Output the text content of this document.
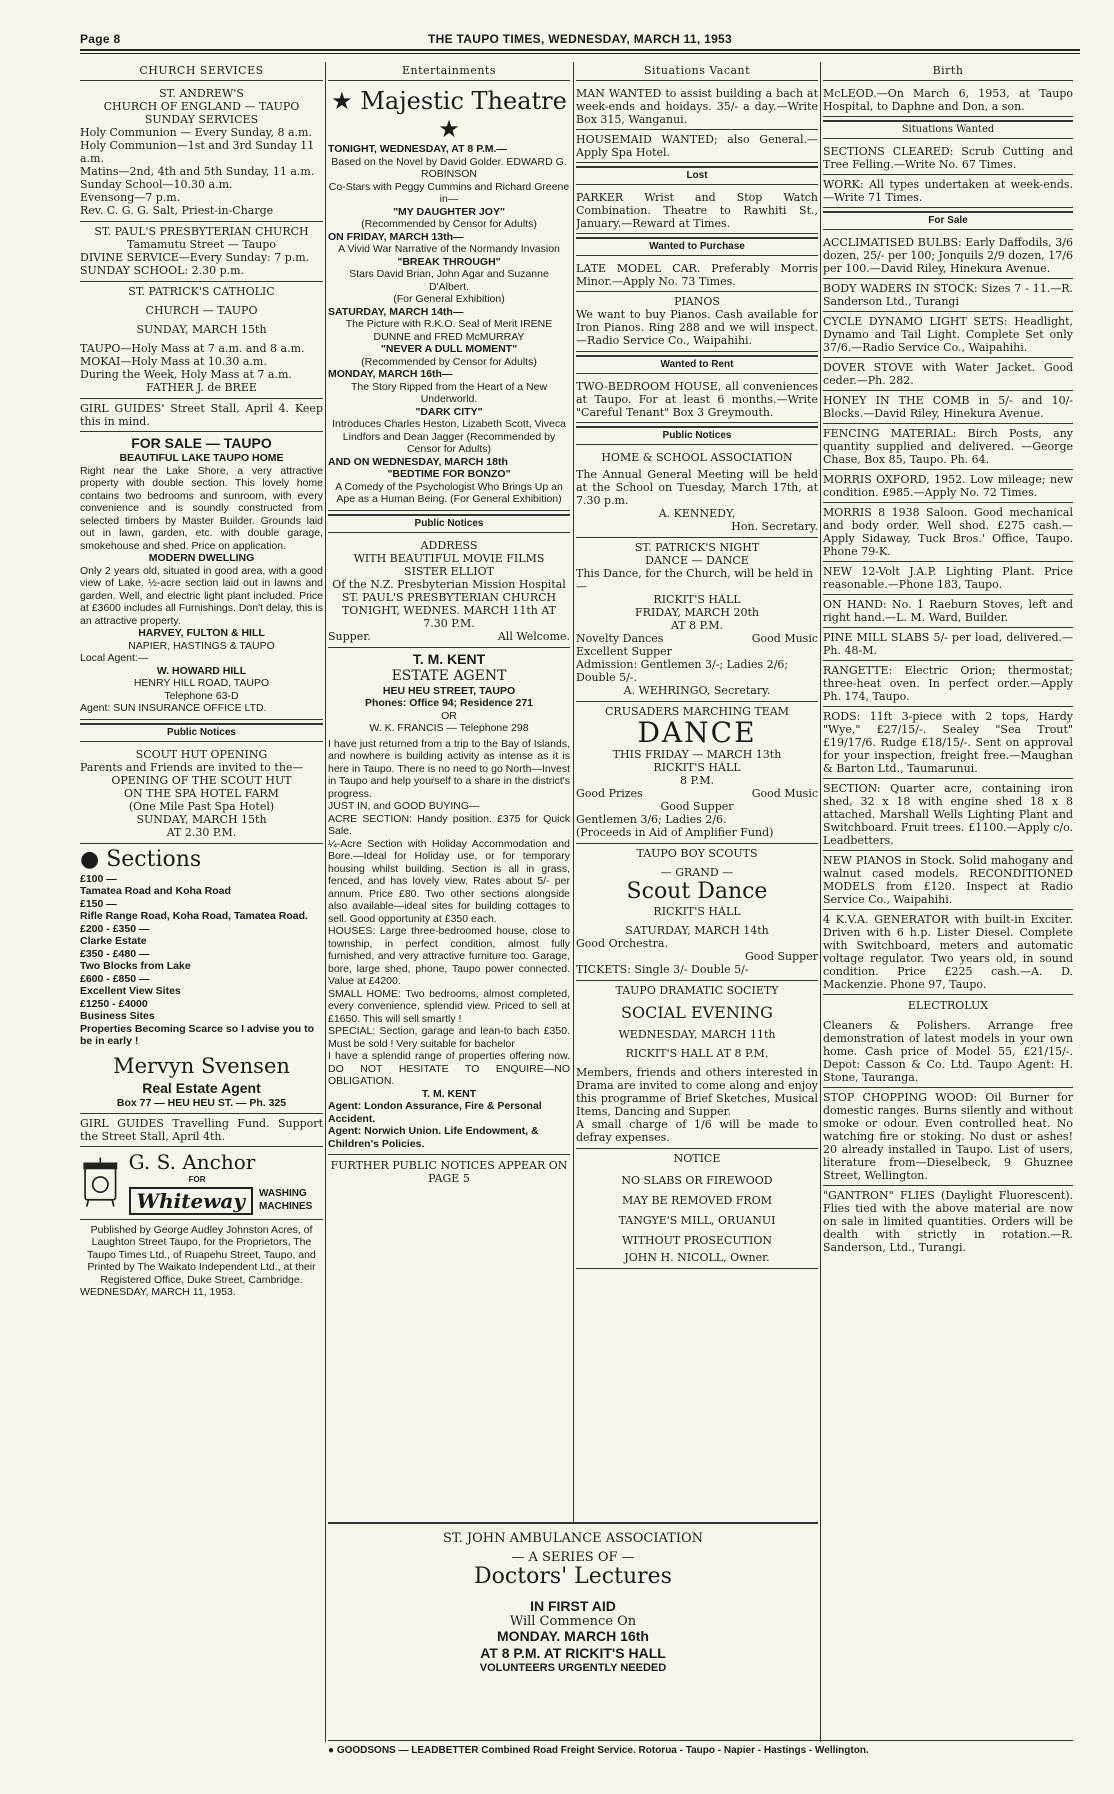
Page 8	THE TAUPO TIMES, WEDNESDAY, MARCH 11, 1953
CHURCH SERVICES
ST. ANDREW'S
CHURCH OF ENGLAND — TAUPO
SUNDAY SERVICES
Holy Communion — Every Sunday, 8 a.m.
Holy Communion—1st and 3rd Sunday 11 a.m.
Matins—2nd, 4th and 5th Sunday, 11 a.m.
Sunday School—10.30 a.m.
Evensong—7 p.m.
Rev. C. G. G. Salt, Priest-in-Charge
ST. PAUL'S PRESBYTERIAN CHURCH
Tamamutu Street — Taupo
DIVINE SERVICE—Every Sunday: 7 p.m.
SUNDAY SCHOOL: 2.30 p.m.
ST. PATRICK'S CATHOLIC
CHURCH — TAUPO
SUNDAY, MARCH 15th
TAUPO—Holy Mass at 7 a.m. and 8 a.m.
MOKAI—Holy Mass at 10.30 a.m.
During the Week, Holy Mass at 7 a.m.
FATHER J. de BREE
GIRL GUIDES' Street Stall, April 4. Keep this in mind.
FOR SALE — TAUPO
BEAUTIFUL LAKE TAUPO HOME
Right near the Lake Shore, a very attractive property with double section. This lovely home contains two bedrooms and sunroom, with every convenience and is soundly constructed from selected timbers by Master Builder. Grounds laid out in lawn, garden, etc. with double garage, smokehouse and shed. Price on application.
MODERN DWELLING
Only 2 years old, situated in good area, with a good view of Lake. ½-acre section laid out in lawns and garden. Well, and electric light plant included. Price at £3600 includes all Furnishings. Don't delay, this is an attractive property.
HARVEY, FULTON & HILL
NAPIER, HASTINGS & TAUPO
Local Agent:—
W. HOWARD HILL
HENRY HILL ROAD, TAUPO
Telephone 63-D
Agent: SUN INSURANCE OFFICE LTD.
Public Notices
SCOUT HUT OPENING
Parents and Friends are invited to the—
OPENING OF THE SCOUT HUT
ON THE SPA HOTEL FARM
(One Mile Past Spa Hotel)
SUNDAY, MARCH 15th
AT 2.30 P.M.
● Sections
£100 —
Tamatea Road and Koha Road
£150 —
Rifle Range Road, Koha Road, Tamatea Road.
£200 - £350 —
Clarke Estate
£350 - £480 —
Two Blocks from Lake
£600 - £850 —
Excellent View Sites
£1250 - £4000
Business Sites
Properties Becoming Scarce so I advise you to be in early !
Mervyn Svensen
Real Estate Agent
Box 77 — HEU HEU ST. — Ph. 325
GIRL GUIDES Travelling Fund. Support the Street Stall, April 4th.
G. S. Anchor
FOR
Whiteway	WASHING MACHINES
Published by George Audley Johnston Acres, of Laughton Street Taupo, for the Proprietors, The Taupo Times Ltd., of Ruapehu Street, Taupo, and Printed by The Waikato Independent Ltd., at their Registered Office, Duke Street, Cambridge.
WEDNESDAY, MARCH 11, 1953.
Entertainments
★ Majestic Theatre ★
TONIGHT, WEDNESDAY, AT 8 P.M.—
Based on the Novel by David Golder. EDWARD G. ROBINSON
Co-Stars with Peggy Cummins and Richard Greene in—
"MY DAUGHTER JOY"
(Recommended by Censor for Adults)
ON FRIDAY, MARCH 13th—
A Vivid War Narrative of the Normandy Invasion
"BREAK THROUGH"
Stars David Brian, John Agar and Suzanne D'Albert.
(For General Exhibition)
SATURDAY, MARCH 14th—
The Picture with R.K.O. Seal of Merit IRENE DUNNE and FRED McMURRAY
"NEVER A DULL MOMENT"
(Recommended by Censor for Adults)
MONDAY, MARCH 16th—
The Story Ripped from the Heart of a New Underworld.
"DARK CITY"
Introduces Charles Heston, Lizabeth Scott, Viveca Lindfors and Dean Jagger (Recommended by Censor for Adults)
AND ON WEDNESDAY, MARCH 18th
"BEDTIME FOR BONZO"
A Comedy of the Psychologist Who Brings Up an Ape as a Human Being. (For General Exhibition)
Public Notices
ADDRESS
WITH BEAUTIFUL MOVIE FILMS
SISTER ELLIOT
Of the N.Z. Presbyterian Mission Hospital
ST. PAUL'S PRESBYTERIAN CHURCH
TONIGHT, WEDNES. MARCH 11th AT 7.30 P.M.
Supper.	All Welcome.
T. M. KENT
ESTATE AGENT
HEU HEU STREET, TAUPO
Phones: Office 94; Residence 271
OR
W. K. FRANCIS — Telephone 298
I have just returned from a trip to the Bay of Islands, and nowhere is building activity as intense as it is here in Taupo. There is no need to go North—Invest in Taupo and help yourself to a share in the district's progress.
JUST IN, and GOOD BUYING—
ACRE SECTION: Handy position. £375 for Quick Sale.
¼-Acre Section with Holiday Accommodation and Bore.—Ideal for Holiday use, or for temporary housing whilst building. Section is all in grass, fenced, and has lovely view. Rates about 5/- per annum. Price £80. Two other sections alongside also available—ideal sites for building cottages to sell. Good opportunity at £350 each.
HOUSES: Large three-bedroomed house, close to township, in perfect condition, almost fully furnished, and very attractive furniture too. Garage, bore, large shed, phone, Taupo power connected. Value at £4200.
SMALL HOME: Two bedrooms, almost completed, every convenience, splendid view. Priced to sell at £1650. This will sell smartly !
SPECIAL: Section, garage and lean-to bach £350. Must be sold ! Very suitable for bachelor
I have a splendid range of properties offering now. DO NOT HESITATE TO ENQUIRE—NO OBLIGATION.
T. M. KENT
Agent: London Assurance, Fire & Personal Accident.
Agent: Norwich Union. Life Endowment, & Children's Policies.
FURTHER PUBLIC NOTICES APPEAR ON PAGE 5
Situations Vacant
MAN WANTED to assist building a bach at week-ends and hoidays. 35/- a day.—Write Box 315, Wanganui.
HOUSEMAID WANTED; also General.—Apply Spa Hotel.
Lost
PARKER Wrist and Stop Watch Combination. Theatre to Rawhiti St., January.—Reward at Times.
Wanted to Purchase
LATE MODEL CAR. Preferably Morris Minor.—Apply No. 73 Times.
PIANOS
We want to buy Pianos. Cash available for Iron Pianos. Ring 288 and we will inspect.—Radio Service Co., Waipahihi.
Wanted to Rent
TWO-BEDROOM HOUSE, all conveniences at Taupo. For at least 6 months.—Write "Careful Tenant" Box 3 Greymouth.
Public Notices
HOME & SCHOOL ASSOCIATION
The Annual General Meeting will be held at the School on Tuesday, March 17th, at 7.30 p.m.
A. KENNEDY,
Hon. Secretary.
ST. PATRICK'S NIGHT
DANCE — DANCE
This Dance, for the Church, will be held in —
RICKIT'S HALL
FRIDAY, MARCH 20th
AT 8 P.M.
Novelty Dances	Good Music
Excellent Supper
Admission: Gentlemen 3/-; Ladies 2/6; Double 5/-.
A. WEHRINGO, Secretary.
CRUSADERS MARCHING TEAM
DANCE
THIS FRIDAY — MARCH 13th
RICKIT'S HALL
8 P.M.
Good Prizes	Good Music
Good Supper
Gentlemen 3/6; Ladies 2/6.
(Proceeds in Aid of Amplifier Fund)
TAUPO BOY SCOUTS
— GRAND —
Scout Dance
RICKIT'S HALL
SATURDAY, MARCH 14th
Good Orchestra.
Good Supper
TICKETS: Single 3/- Double 5/-
TAUPO DRAMATIC SOCIETY
SOCIAL EVENING
WEDNESDAY, MARCH 11th
RICKIT'S HALL AT 8 P.M.
Members, friends and others interested in Drama are invited to come along and enjoy this programme of Brief Sketches, Musical Items, Dancing and Supper.
A small charge of 1/6 will be made to defray expenses.
NOTICE
NO SLABS OR FIREWOOD
MAY BE REMOVED FROM
TANGYE'S MILL, ORUANUI
WITHOUT PROSECUTION
JOHN H. NICOLL, Owner.
Birth
McLEOD.—On March 6, 1953, at Taupo Hospital, to Daphne and Don, a son.
Situations Wanted
SECTIONS CLEARED: Scrub Cutting and Tree Felling.—Write No. 67 Times.
WORK: All types undertaken at week-ends.—Write 71 Times.
For Sale
ACCLIMATISED BULBS: Early Daffodils, 3/6 dozen, 25/- per 100; Jonquils 2/9 dozen, 17/6 per 100.—David Riley, Hinekura Avenue.
BODY WADERS IN STOCK: Sizes 7 - 11.—R. Sanderson Ltd., Turangi
CYCLE DYNAMO LIGHT SETS: Headlight, Dynamo and Tail Light. Complete Set only 37/6.—Radio Service Co., Waipahihi.
DOVER STOVE with Water Jacket. Good ceder.—Ph. 282.
HONEY IN THE COMB in 5/- and 10/- Blocks.—David Riley, Hinekura Avenue.
FENCING MATERIAL: Birch Posts, any quantity supplied and delivered. —George Chase, Box 85, Taupo. Ph. 64.
MORRIS OXFORD, 1952. Low mileage; new condition. £985.—Apply No. 72 Times.
MORRIS 8 1938 Saloon. Good mechanical and body order. Well shod. £275 cash.—Apply Sidaway, Tuck Bros.' Office, Taupo. Phone 79-K.
NEW 12-Volt J.A.P. Lighting Plant. Price reasonable.—Phone 183, Taupo.
ON HAND: No. 1 Raeburn Stoves, left and right hand.—L. M. Ward, Builder.
PINE MILL SLABS 5/- per load, delivered.—Ph. 48-M.
RANGETTE: Electric Orion; thermostat; three-heat oven. In perfect order.—Apply Ph. 174, Taupo.
RODS: 11ft 3-piece with 2 tops, Hardy "Wye," £27/15/-. Sealey "Sea Trout" £19/17/6. Rudge £18/15/-. Sent on approval for your inspection, freight free.—Maughan & Barton Ltd., Taumarunui.
SECTION: Quarter acre, containing iron shed, 32 x 18 with engine shed 18 x 8 attached. Marshall Wells Lighting Plant and Switchboard. Fruit trees. £1100.—Apply c/o. Leadbetters.
NEW PIANOS in Stock. Solid mahogany and walnut cased models. RECONDITIONED MODELS from £120. Inspect at Radio Service Co., Waipahihi.
4 K.V.A. GENERATOR with built-in Exciter. Driven with 6 h.p. Lister Diesel. Complete with Switchboard, meters and automatic voltage regulator. Two years old, in sound condition. Price £225 cash.—A. D. Mackenzie. Phone 97, Taupo.
ELECTROLUX
Cleaners & Polishers. Arrange free demonstration of latest models in your own home. Cash price of Model 55, £21/15/-. Depot: Casson & Co. Ltd. Taupo Agent: H. Stone, Tauranga.
STOP CHOPPING WOOD: Oil Burner for domestic ranges. Burns silently and without smoke or odour. Even controlled heat. No watching fire or stoking. No dust or ashes! 20 already installed in Taupo. List of users, literature from—Dieselbeck, 9 Ghuznee Street, Wellington.
"GANTRON" FLIES (Daylight Fluorescent). Flies tied with the above material are now on sale in limited quantities. Orders will be dealth with strictly in rotation.—R. Sanderson, Ltd., Turangi.
ST. JOHN AMBULANCE ASSOCIATION
— A SERIES OF —
Doctors' Lectures
IN FIRST AID
Will Commence On
MONDAY. MARCH 16th
AT 8 P.M. AT RICKIT'S HALL
VOLUNTEERS URGENTLY NEEDED
● GOODSONS — LEADBETTER Combined Road Freight Service. Rotorua - Taupo - Napier - Hastings - Wellington.
